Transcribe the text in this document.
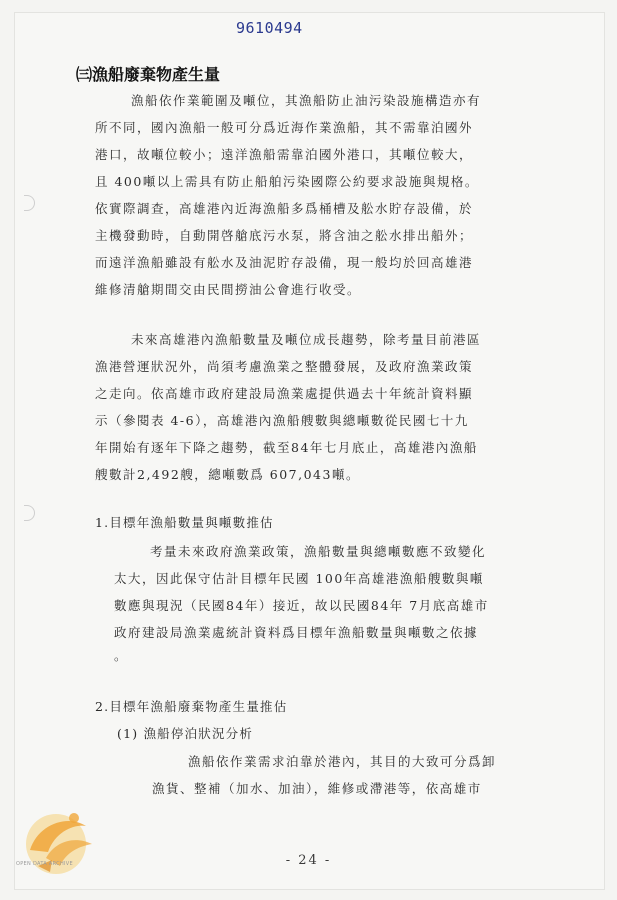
9610494
㈢漁船廢棄物產生量
漁船依作業範圍及噸位，其漁船防止油污染設施構造亦有
所不同，國內漁船一般可分爲近海作業漁船，其不需靠泊國外
港口，故噸位較小；遠洋漁船需靠泊國外港口，其噸位較大，
且 400噸以上需具有防止船舶污染國際公約要求設施與規格。
依實際調查，高雄港內近海漁船多爲桶槽及舩水貯存設備，於
主機發動時，自動開啓艙底污水泵，將含油之舩水排出船外；
而遠洋漁船雖設有舩水及油泥貯存設備，現一般均於回高雄港
維修清艙期間交由民間撈油公會進行收受。
未來高雄港內漁船數量及噸位成長趨勢，除考量目前港區
漁港營運狀況外，尚須考慮漁業之整體發展，及政府漁業政策
之走向。依高雄市政府建設局漁業處提供過去十年統計資料顯
示（參閱表 4-6），高雄港內漁船艘數與總噸數從民國七十九
年開始有逐年下降之趨勢，截至84年七月底止，高雄港內漁船
艘數計2,492艘，總噸數爲 607,043噸。
1.目標年漁船數量與噸數推估
考量未來政府漁業政策，漁船數量與總噸數應不致變化
太大，因此保守估計目標年民國 100年高雄港漁船艘數與噸
數應與現況（民國84年）接近，故以民國84年 7月底高雄市
政府建設局漁業處統計資料爲目標年漁船數量與噸數之依據
。
2.目標年漁船廢棄物產生量推估
(1) 漁船停泊狀況分析
漁船依作業需求泊靠於港內，其目的大致可分爲卸
漁貨、整補（加水、加油），維修或滯港等，依高雄市
- 24 -
OPEN DATA ARCHIVE
